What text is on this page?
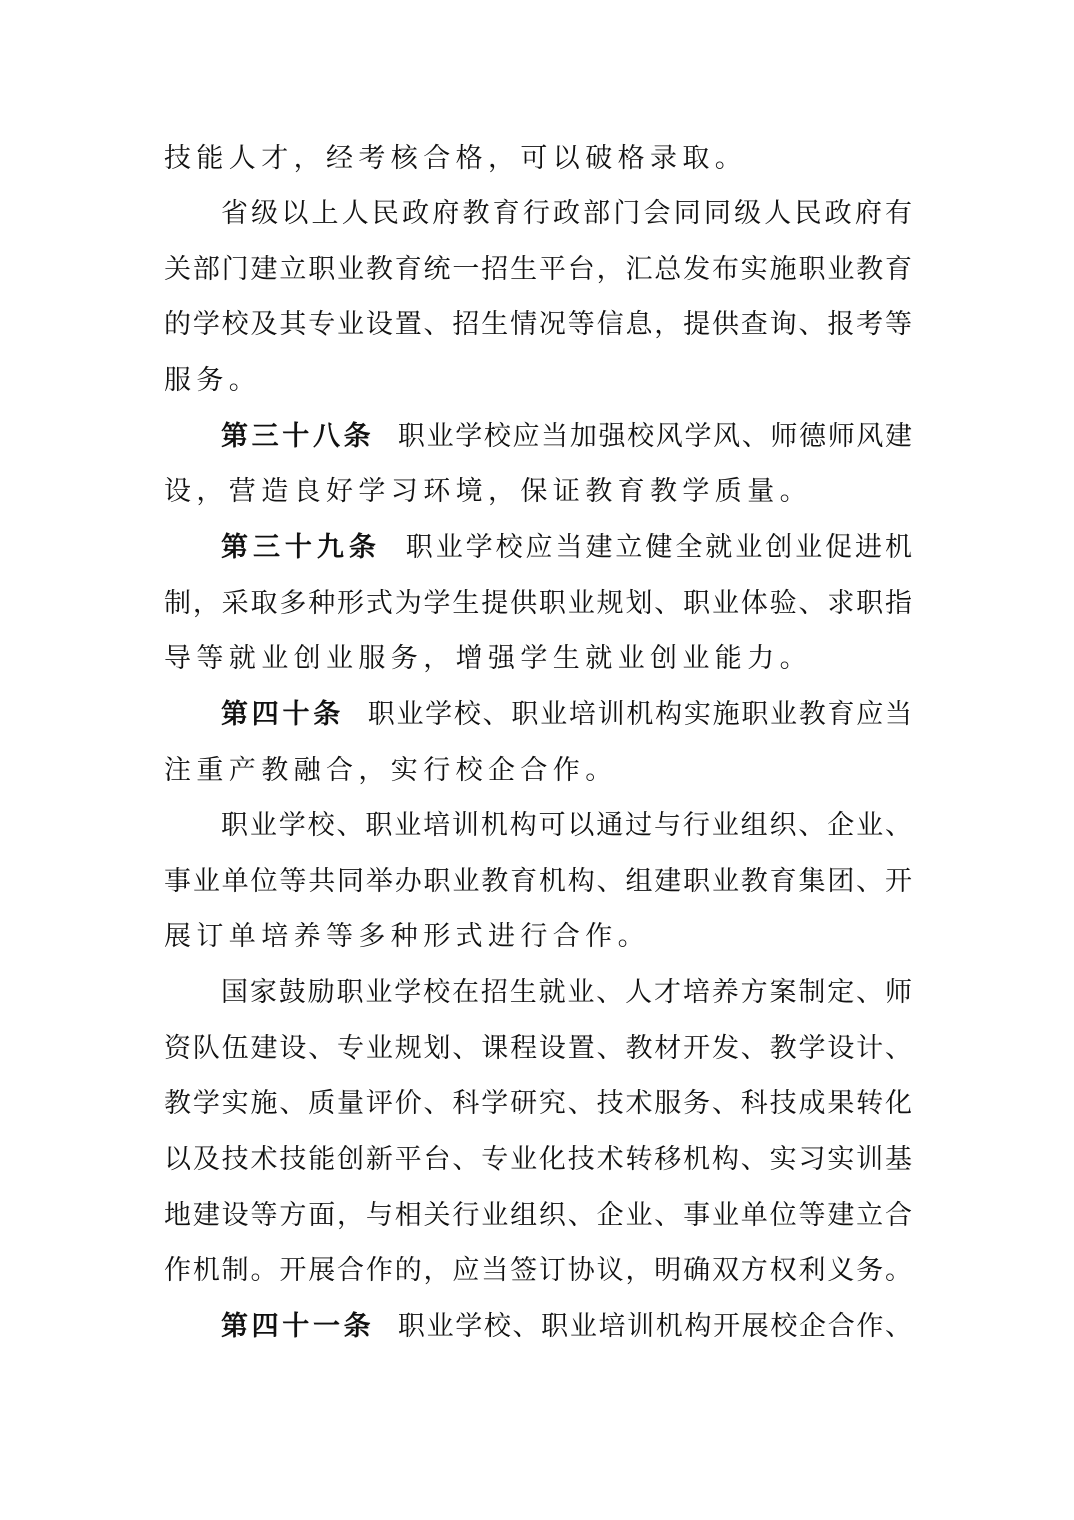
技能人才，经考核合格，可以破格录取。
省级以上人民政府教育行政部门会同同级人民政府有
关部门建立职业教育统一招生平台，汇总发布实施职业教育
的学校及其专业设置、招生情况等信息，提供查询、报考等
服务。
第三十八条 职业学校应当加强校风学风、师德师风建
设，营造良好学习环境，保证教育教学质量。
第三十九条 职业学校应当建立健全就业创业促进机
制，采取多种形式为学生提供职业规划、职业体验、求职指
导等就业创业服务，增强学生就业创业能力。
第四十条 职业学校、职业培训机构实施职业教育应当
注重产教融合，实行校企合作。
职业学校、职业培训机构可以通过与行业组织、企业、
事业单位等共同举办职业教育机构、组建职业教育集团、开
展订单培养等多种形式进行合作。
国家鼓励职业学校在招生就业、人才培养方案制定、师
资队伍建设、专业规划、课程设置、教材开发、教学设计、
教学实施、质量评价、科学研究、技术服务、科技成果转化
以及技术技能创新平台、专业化技术转移机构、实习实训基
地建设等方面，与相关行业组织、企业、事业单位等建立合
作机制。开展合作的，应当签订协议，明确双方权利义务。
第四十一条 职业学校、职业培训机构开展校企合作、
